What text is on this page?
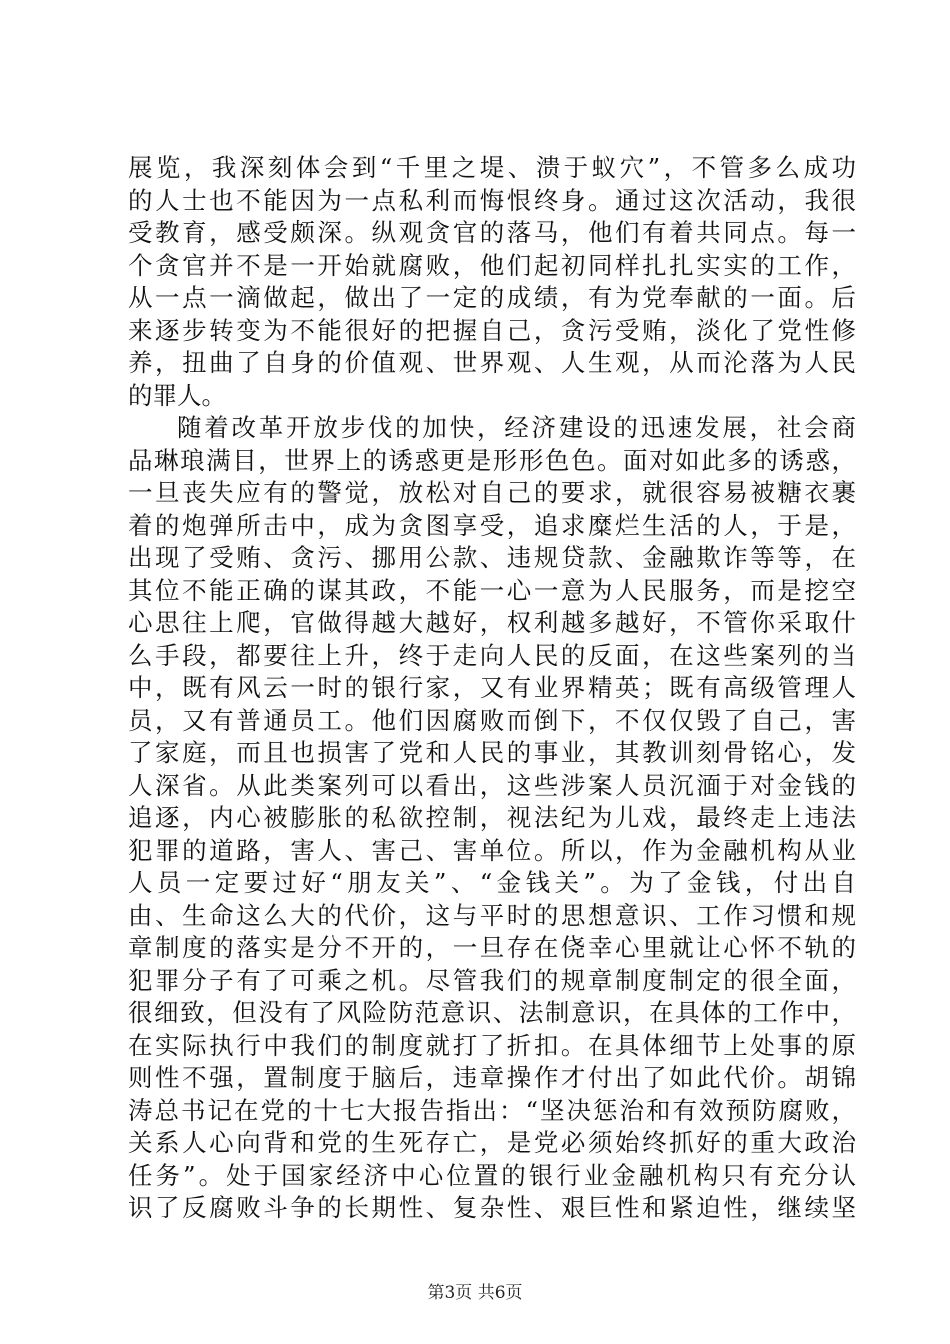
展览，我深刻体会到“千里之堤、溃于蚁穴”，不管多么成功
的人士也不能因为一点私利而悔恨终身。通过这次活动，我很
受教育，感受颇深。纵观贪官的落马，他们有着共同点。每一
个贪官并不是一开始就腐败，他们起初同样扎扎实实的工作，
从一点一滴做起，做出了一定的成绩，有为党奉献的一面。后
来逐步转变为不能很好的把握自己，贪污受贿，淡化了党性修
养，扭曲了自身的价值观、世界观、人生观，从而沦落为人民
的罪人。
随着改革开放步伐的加快，经济建设的迅速发展，社会商
品琳琅满目，世界上的诱惑更是形形色色。面对如此多的诱惑，
一旦丧失应有的警觉，放松对自己的要求，就很容易被糖衣裹
着的炮弹所击中，成为贪图享受，追求糜烂生活的人，于是，
出现了受贿、贪污、挪用公款、违规贷款、金融欺诈等等，在
其位不能正确的谋其政，不能一心一意为人民服务，而是挖空
心思往上爬，官做得越大越好，权利越多越好，不管你采取什
么手段，都要往上升，终于走向人民的反面，在这些案列的当
中，既有风云一时的银行家，又有业界精英；既有高级管理人
员，又有普通员工。他们因腐败而倒下，不仅仅毁了自己，害
了家庭，而且也损害了党和人民的事业，其教训刻骨铭心，发
人深省。从此类案列可以看出，这些涉案人员沉湎于对金钱的
追逐，内心被膨胀的私欲控制，视法纪为儿戏，最终走上违法
犯罪的道路，害人、害己、害单位。所以，作为金融机构从业
人员一定要过好“朋友关”、“金钱关”。为了金钱，付出自
由、生命这么大的代价，这与平时的思想意识、工作习惯和规
章制度的落实是分不开的，一旦存在侥幸心里就让心怀不轨的
犯罪分子有了可乘之机。尽管我们的规章制度制定的很全面，
很细致，但没有了风险防范意识、法制意识，在具体的工作中，
在实际执行中我们的制度就打了折扣。在具体细节上处事的原
则性不强，置制度于脑后，违章操作才付出了如此代价。胡锦
涛总书记在党的十七大报告指出：“坚决惩治和有效预防腐败，
关系人心向背和党的生死存亡，是党必须始终抓好的重大政治
任务”。处于国家经济中心位置的银行业金融机构只有充分认
识了反腐败斗争的长期性、复杂性、艰巨性和紧迫性，继续坚
第3页 共6页
